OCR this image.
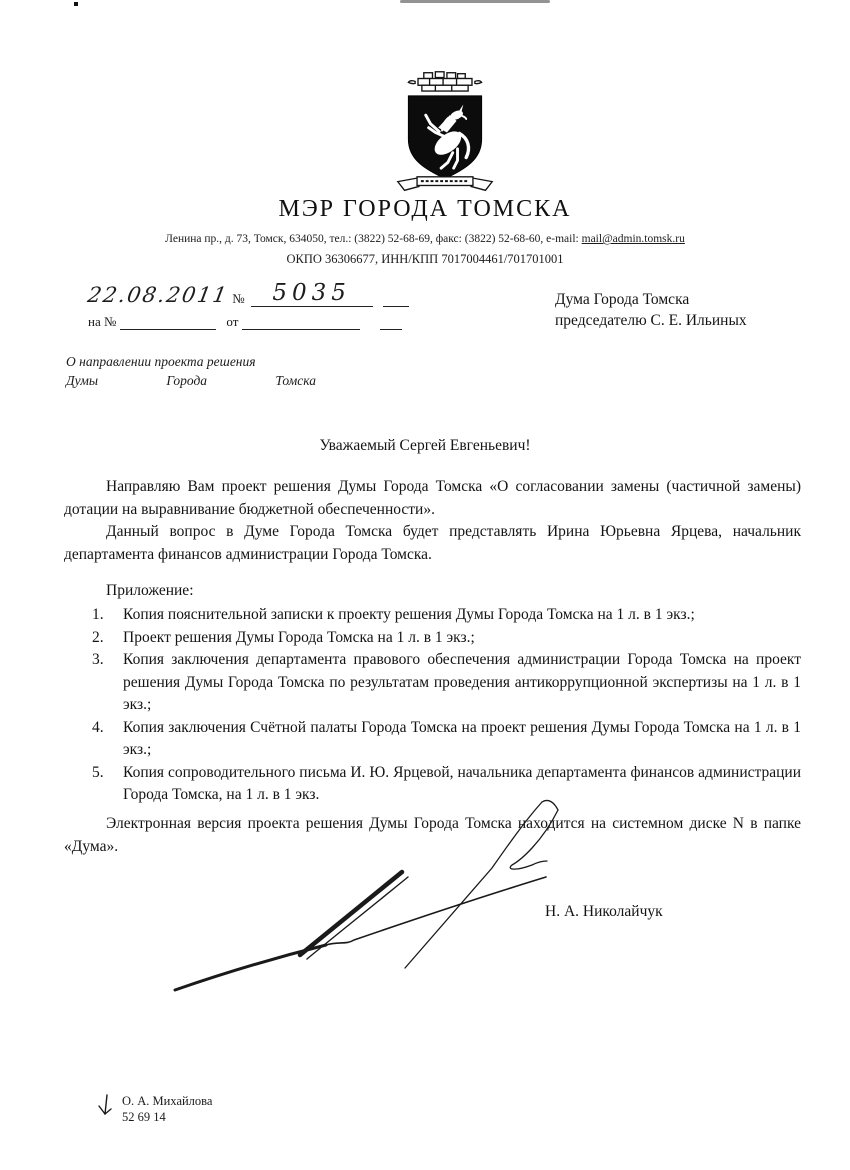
МЭР ГОРОДА ТОМСКА
Ленина пр., д. 73, Томск, 634050, тел.: (3822) 52-68-69, факс: (3822) 52-68-60, e-mail: mail@admin.tomsk.ru
ОКПО 36306677, ИНН/КПП 7017004461/701701001
22.08.2011 №	5035
на №	от
Дума Города Томска
председателю С. Е. Ильиных
О направлении проекта решения
Думы	Города	Томска
Уважаемый Сергей Евгеньевич!
Направляю Вам проект решения Думы Города Томска «О согласовании замены (частичной замены) дотации на выравнивание бюджетной обеспеченности».
Данный вопрос в Думе Города Томска будет представлять Ирина Юрьевна Ярцева, начальник департамента финансов администрации Города Томска.
Приложение:
1.	Копия пояснительной записки к проекту решения Думы Города Томска на 1 л. в 1 экз.;
2.	Проект решения Думы Города Томска на 1 л. в 1 экз.;
3.	Копия заключения департамента правового обеспечения администрации Города Томска на проект решения Думы Города Томска по результатам проведения антикоррупционной экспертизы на 1 л. в 1 экз.;
4.	Копия заключения Счётной палаты Города Томска на проект решения Думы Города Томска на 1 л. в 1 экз.;
5.	Копия сопроводительного письма И. Ю. Ярцевой, начальника департамента финансов администрации Города Томска, на 1 л. в 1 экз.
Электронная версия проекта решения Думы Города Томска находится на системном диске N в папке «Дума».
Н. А. Николайчук
О. А. Михайлова
52 69 14
